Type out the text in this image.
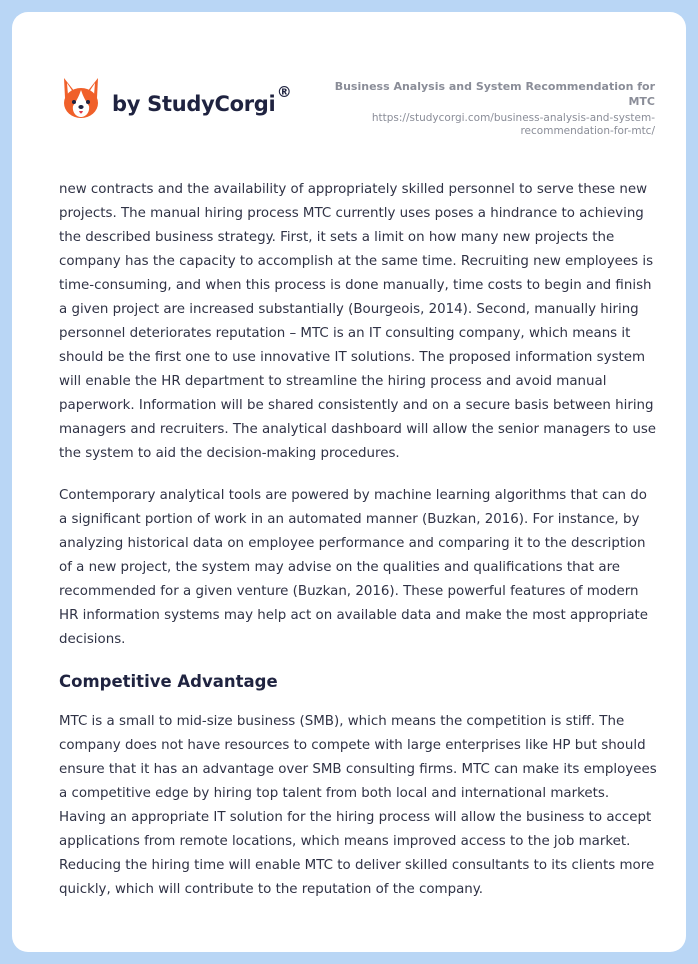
by StudyCorgi ®	Business Analysis and System Recommendation for MTC
https://studycorgi.com/business-analysis-and-system-
recommendation-for-mtc/

new contracts and the availability of appropriately skilled personnel to serve these new projects. The manual hiring process MTC currently uses poses a hindrance to achieving the described business strategy. First, it sets a limit on how many new projects the company has the capacity to accomplish at the same time. Recruiting new employees is time-consuming, and when this process is done manually, time costs to begin and finish a given project are increased substantially (Bourgeois, 2014). Second, manually hiring personnel deteriorates reputation – MTC is an IT consulting company, which means it should be the first one to use innovative IT solutions. The proposed information system will enable the HR department to streamline the hiring process and avoid manual paperwork. Information will be shared consistently and on a secure basis between hiring managers and recruiters. The analytical dashboard will allow the senior managers to use the system to aid the decision-making procedures.

Contemporary analytical tools are powered by machine learning algorithms that can do a significant portion of work in an automated manner (Buzkan, 2016). For instance, by analyzing historical data on employee performance and comparing it to the description of a new project, the system may advise on the qualities and qualifications that are recommended for a given venture (Buzkan, 2016). These powerful features of modern HR information systems may help act on available data and make the most appropriate decisions.

Competitive Advantage

MTC is a small to mid-size business (SMB), which means the competition is stiff. The company does not have resources to compete with large enterprises like HP but should ensure that it has an advantage over SMB consulting firms. MTC can make its employees a competitive edge by hiring top talent from both local and international markets. Having an appropriate IT solution for the hiring process will allow the business to accept applications from remote locations, which means improved access to the job market. Reducing the hiring time will enable MTC to deliver skilled consultants to its clients more quickly, which will contribute to the reputation of the company.
